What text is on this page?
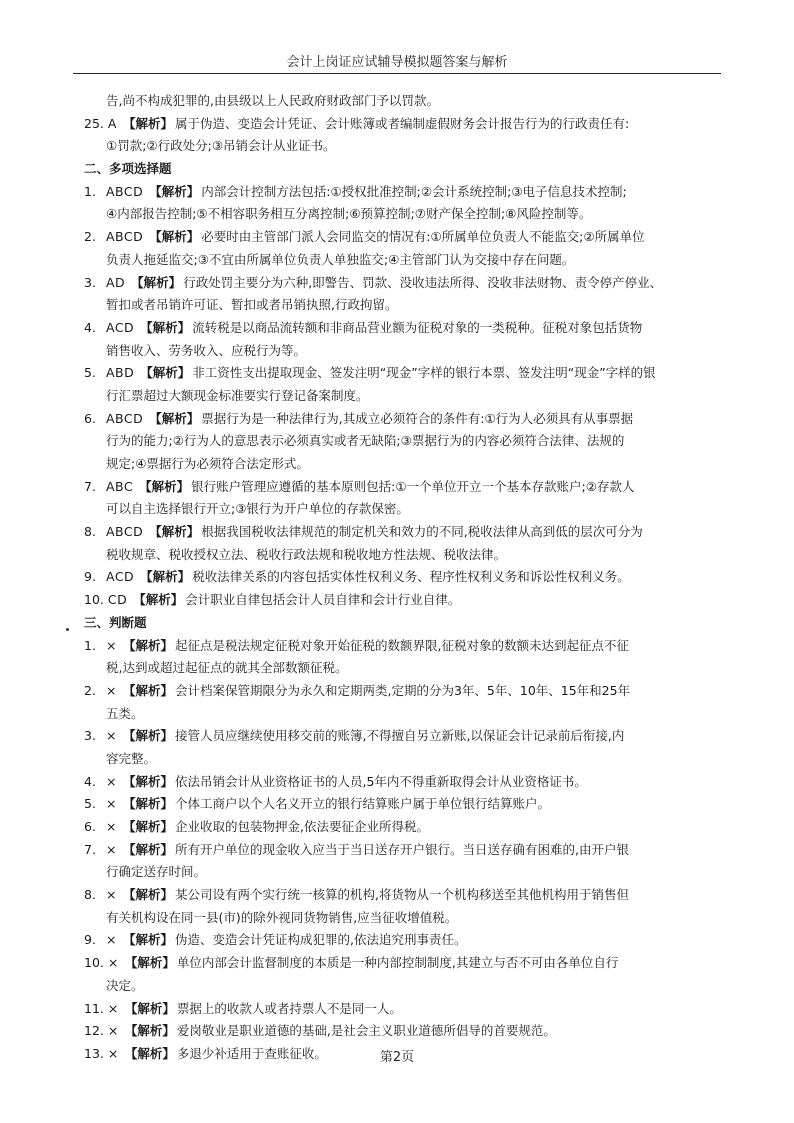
会计上岗证应试辅导模拟题答案与解析
告,尚不构成犯罪的,由县级以上人民政府财政部门予以罚款。
25. A 【解析】 属于伪造、变造会计凭证、会计账簿或者编制虚假财务会计报告行为的行政责任有:
①罚款;②行政处分;③吊销会计从业证书。
二、多项选择题
1. ABCD 【解析】 内部会计控制方法包括:①授权批准控制;②会计系统控制;③电子信息技术控制;
④内部报告控制;⑤不相容职务相互分离控制;⑥预算控制;⑦财产保全控制;⑧风险控制等。
2. ABCD 【解析】 必要时由主管部门派人会同监交的情况有:①所属单位负责人不能监交;②所属单位
负责人拖延监交;③不宜由所属单位负责人单独监交;④主管部门认为交接中存在问题。
3. AD 【解析】 行政处罚主要分为六种,即警告、罚款、没收违法所得、没收非法财物、责令停产停业、
暂扣或者吊销许可证、暂扣或者吊销执照,行政拘留。
4. ACD 【解析】 流转税是以商品流转额和非商品营业额为征税对象的一类税种。征税对象包括货物
销售收入、劳务收入、应税行为等。
5. ABD 【解析】 非工资性支出提取现金、签发注明“现金”字样的银行本票、签发注明“现金”字样的银
行汇票超过大额现金标准要实行登记备案制度。
6. ABCD 【解析】 票据行为是一种法律行为,其成立必须符合的条件有:①行为人必须具有从事票据
行为的能力;②行为人的意思表示必须真实或者无缺陷;③票据行为的内容必须符合法律、法规的
规定;④票据行为必须符合法定形式。
7. ABC 【解析】 银行账户管理应遵循的基本原则包括:①一个单位开立一个基本存款账户;②存款人
可以自主选择银行开立;③银行为开户单位的存款保密。
8. ABCD 【解析】 根据我国税收法律规范的制定机关和效力的不同,税收法律从高到低的层次可分为
税收规章、税收授权立法、税收行政法规和税收地方性法规、税收法律。
9. ACD 【解析】 税收法律关系的内容包括实体性权利义务、程序性权利义务和诉讼性权利义务。
10. CD 【解析】 会计职业自律包括会计人员自律和会计行业自律。
三、判断题
1. × 【解析】 起征点是税法规定征税对象开始征税的数额界限,征税对象的数额未达到起征点不征
税,达到或超过起征点的就其全部数额征税。
2. × 【解析】 会计档案保管期限分为永久和定期两类,定期的分为3年、5年、10年、15年和25年
五类。
3. × 【解析】 接管人员应继续使用移交前的账簿,不得擅自另立新账,以保证会计记录前后衔接,内
容完整。
4. × 【解析】 依法吊销会计从业资格证书的人员,5年内不得重新取得会计从业资格证书。
5. × 【解析】 个体工商户以个人名义开立的银行结算账户属于单位银行结算账户。
6. × 【解析】 企业收取的包装物押金,依法要征企业所得税。
7. × 【解析】 所有开户单位的现金收入应当于当日送存开户银行。当日送存确有困难的,由开户银
行确定送存时间。
8. × 【解析】 某公司设有两个实行统一核算的机构,将货物从一个机构移送至其他机构用于销售但
有关机构设在同一县(市)的除外视同货物销售,应当征收增值税。
9. × 【解析】 伪造、变造会计凭证构成犯罪的,依法追究刑事责任。
10. × 【解析】 单位内部会计监督制度的本质是一种内部控制制度,其建立与否不可由各单位自行
决定。
11. × 【解析】 票据上的收款人或者持票人不是同一人。
12. × 【解析】 爱岗敬业是职业道德的基础,是社会主义职业道德所倡导的首要规范。
13. × 【解析】 多退少补适用于查账征收。	第2页
